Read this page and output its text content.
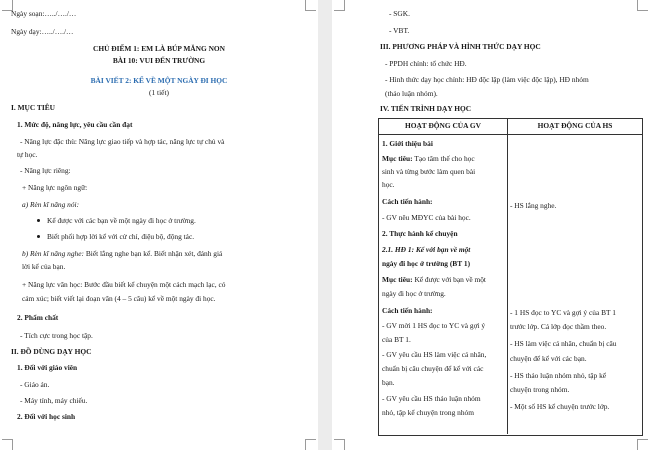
Ngày soạn:…../…./…
Ngày dạy:…../…./…
CHỦ ĐIỂM 1: EM LÀ BÚP MĂNG NON
BÀI 10: VUI ĐẾN TRƯỜNG
BÀI VIẾT 2: KỂ VỀ MỘT NGÀY ĐI HỌC
(1 tiết)
I. MỤC TIÊU
1. Mức độ, năng lực, yêu cầu cần đạt
- Năng lực đặc thù: Năng lực giao tiếp và hợp tác, năng lực tự chủ và
tự học.
- Năng lực riêng:
+ Năng lực ngôn ngữ:
a) Rèn kĩ năng nói:
Kể được với các bạn về một ngày đi học ở trường.
Biết phối hợp lời kể với cử chỉ, điệu bộ, động tác.
b) Rèn kĩ năng nghe: Biết lắng nghe bạn kể. Biết nhận xét, đánh giá
lời kể của bạn.
+ Năng lực văn học: Bước đầu biết kể chuyện một cách mạch lạc, có
cảm xúc; biết viết lại đoạn văn (4 – 5 câu) kể về một ngày đi học.
2. Phẩm chất
- Tích cực trong học tập.
II. ĐỒ DÙNG DẠY HỌC
1. Đối với giáo viên
- Giáo án.
- Máy tính, máy chiếu.
2. Đối với học sinh
- SGK.
- VBT.
III. PHƯƠNG PHÁP VÀ HÌNH THỨC DẠY HỌC
- PPDH chính: tổ chức HĐ.
- Hình thức dạy học chính: HĐ độc lập (làm việc độc lập), HĐ nhóm
(thảo luận nhóm).
IV. TIẾN TRÌNH DẠY HỌC
HOẠT ĐỘNG CỦA GV	HOẠT ĐỘNG CỦA HS
1. Giới thiệu bài
Mục tiêu: Tạo tâm thế cho học
sinh và từng bước làm quen bài
học.
Cách tiến hành:
- GV nêu MĐYC của bài học.
2. Thực hành kể chuyện
2.1. HĐ 1: Kể với bạn về một
ngày đi học ở trường (BT 1)
Mục tiêu: Kể được với bạn về một
ngày đi học ở trường.
Cách tiến hành:
- GV mời 1 HS đọc to YC và gợi ý
của BT 1.
- GV yêu cầu HS làm việc cá nhân,
chuẩn bị câu chuyện để kể với các
bạn.
- GV yêu cầu HS thảo luận nhóm
nhỏ, tập kể chuyện trong nhóm
- HS lắng nghe.
- 1 HS đọc to YC và gợi ý của BT 1
trước lớp. Cả lớp đọc thầm theo.
- HS làm việc cá nhân, chuẩn bị câu
chuyện để kể với các bạn.
- HS thảo luận nhóm nhỏ, tập kể
chuyện trong nhóm.
- Một số HS kể chuyện trước lớp.
